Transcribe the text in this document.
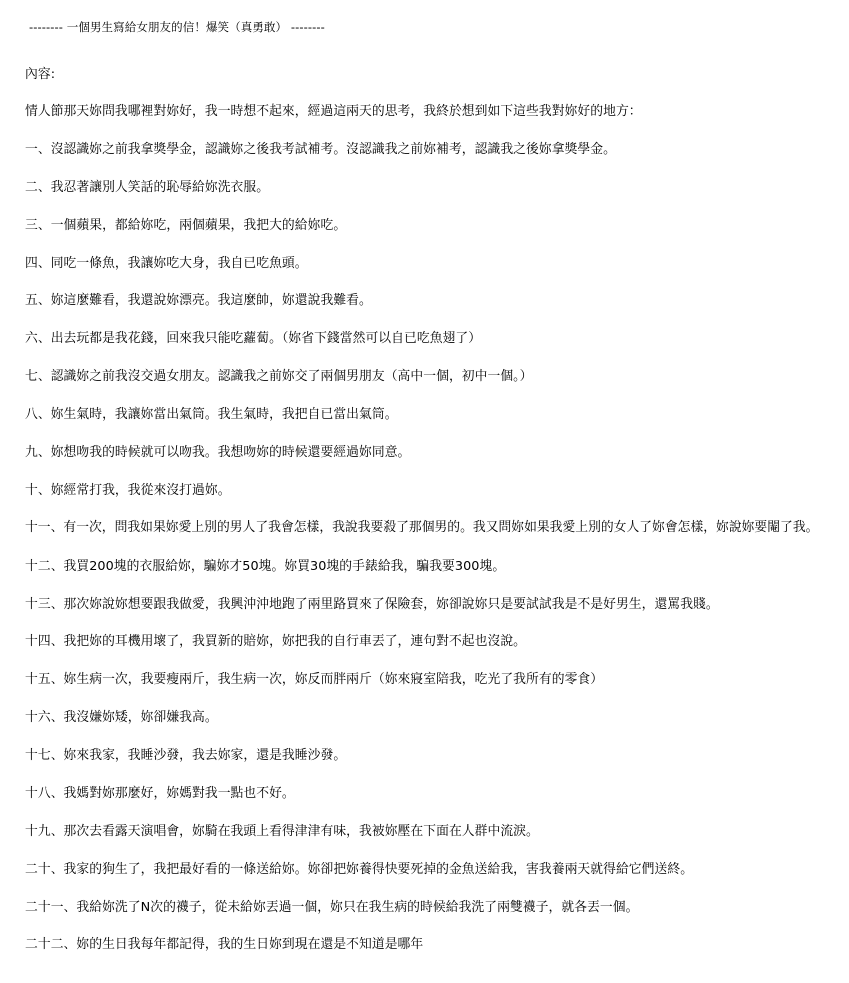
-------- 一個男生寫給女朋友的信！爆笑（真勇敢） --------
內容:
情人節那天妳問我哪裡對妳好，我一時想不起來，經過這兩天的思考，我終於想到如下這些我對妳好的地方：
一、沒認識妳之前我拿獎學金，認識妳之後我考試補考。沒認識我之前妳補考，認識我之後妳拿獎學金。
二、我忍著讓別人笑話的恥辱給妳洗衣服。
三、一個蘋果，都給妳吃，兩個蘋果，我把大的給妳吃。
四、同吃一條魚，我讓妳吃大身，我自已吃魚頭。
五、妳這麼難看，我還說妳漂亮。我這麼帥，妳還說我難看。
六、出去玩都是我花錢，回來我只能吃蘿蔔。（妳省下錢當然可以自已吃魚翅了）
七、認識妳之前我沒交過女朋友。認識我之前妳交了兩個男朋友（高中一個，初中一個。）
八、妳生氣時，我讓妳當出氣筒。我生氣時，我把自已當出氣筒。
九、妳想吻我的時候就可以吻我。我想吻妳的時候還要經過妳同意。
十、妳經常打我，我從來沒打過妳。
十一、有一次，問我如果妳愛上別的男人了我會怎樣，我說我要殺了那個男的。我又問妳如果我愛上別的女人了妳會怎樣，妳說妳要閹了我。
十二、我買200塊的衣服給妳，騙妳才50塊。妳買30塊的手錶給我，騙我要300塊。
十三、那次妳說妳想要跟我做愛，我興沖沖地跑了兩里路買來了保險套，妳卻說妳只是要試試我是不是好男生，還罵我賤。
十四、我把妳的耳機用壞了，我買新的賠妳，妳把我的自行車丟了，連句對不起也沒說。
十五、妳生病一次，我要瘦兩斤，我生病一次，妳反而胖兩斤（妳來寢室陪我，吃光了我所有的零食）
十六、我沒嫌妳矮，妳卻嫌我高。
十七、妳來我家，我睡沙發，我去妳家，還是我睡沙發。
十八、我媽對妳那麼好，妳媽對我一點也不好。
十九、那次去看露天演唱會，妳騎在我頭上看得津津有味，我被妳壓在下面在人群中流淚。
二十、我家的狗生了，我把最好看的一條送給妳。妳卻把妳養得快要死掉的金魚送給我，害我養兩天就得給它們送終。
二十一、我給妳洗了N次的襪子，從未給妳丟過一個，妳只在我生病的時候給我洗了兩雙襪子，就各丟一個。
二十二、妳的生日我每年都記得，我的生日妳到現在還是不知道是哪年
